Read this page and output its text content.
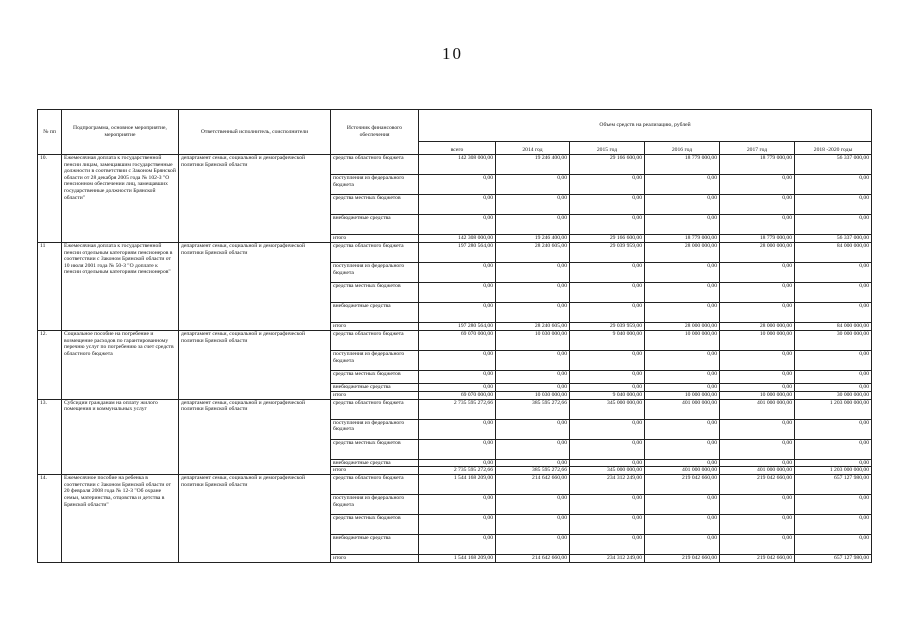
10
№ пп	Подпрограмма, основное мероприятие, мероприятие	Ответственный исполнитель, соисполнители	Источник финансового обеспечения	Объем средств на реализацию, рублей					
				всего	2014 год	2015 год	2016 год	2017 год	2018 -2020 годы
10.	Ежемесячная доплата к государственной пенсии лицам, замещавшим государственные должности в соответствии с Законом Брянской области от 28 декабря 2005 года № 102-З "О пенсионном обеспечении лиц, замещавших государственные должности Брянской области"	департамент семьи, социальной и демографической политики Брянской области	средства областного бюджета	142 308 000,00	19 246 400,00	29 166 600,00	18 779 000,00	18 779 000,00	56 337 000,00
			поступления из федерального бюджета	0,00	0,00	0,00	0,00	0,00	0,00
			средства местных бюджетов	0,00	0,00	0,00	0,00	0,00	0,00
			внебюджетные средства	0,00	0,00	0,00	0,00	0,00	0,00
			итого	142 308 000,00	19 246 400,00	29 166 600,00	18 779 000,00	18 779 000,00	56 337 000,00
11	Ежемесячная доплата к государственной пенсии отдельным категориям пенсионеров в соответствии с Законом Брянской области от 10 июля 2001 года № 50-З "О доплате к пенсии отдельным категориям пенсионеров"	департамент семьи, социальной и демографической политики Брянской области	средства областного бюджета	197 280 564,00	28 240 605,00	29 039 959,00	28 000 000,00	28 000 000,00	84 000 000,00
			поступления из федерального бюджета	0,00	0,00	0,00	0,00	0,00	0,00
			средства местных бюджетов	0,00	0,00	0,00	0,00	0,00	0,00
			внебюджетные средства	0,00	0,00	0,00	0,00	0,00	0,00
			итого	197 280 564,00	28 240 605,00	29 039 959,00	28 000 000,00	28 000 000,00	84 000 000,00
12.	Социальное пособие на погребение и возмещение расходов по гарантированному перечню услуг по погребению за счет средств областного бюджета	департамент семьи, социальной и демографической политики Брянской области	средства областного бюджета	69 070 000,00	10 030 000,00	9 040 000,00	10 000 000,00	10 000 000,00	30 000 000,00
			поступления из федерального бюджета	0,00	0,00	0,00	0,00	0,00	0,00
			средства местных бюджетов	0,00	0,00	0,00	0,00	0,00	0,00
			внебюджетные средства	0,00	0,00	0,00	0,00	0,00	0,00
			итого	69 070 000,00	10 030 000,00	9 040 000,00	10 000 000,00	10 000 000,00	30 000 000,00
13.	Субсидии гражданам на оплату жилого помещения и коммунальных услуг	департамент семьи, социальной и демографической политики Брянской области	средства областного бюджета	2 735 595 272,66	385 595 272,66	345 000 000,00	401 000 000,00	401 000 000,00	1 203 000 000,00
			поступления из федерального бюджета	0,00	0,00	0,00	0,00	0,00	0,00
			средства местных бюджетов	0,00	0,00	0,00	0,00	0,00	0,00
			внебюджетные средства	0,00	0,00	0,00	0,00	0,00	0,00
			итого	2 735 595 272,66	385 595 272,66	345 000 000,00	401 000 000,00	401 000 000,00	1 203 000 000,00
14.	Ежемесячное пособие на ребенка в соответствии с Законом Брянской области от 20 февраля 2008 года № 12-З "Об охране семьи, материнства, отцовства и детства в Брянской области"	департамент семьи, социальной и демографической политики Брянской области	средства областного бюджета	1 544 168 209,00	214 642 660,00	234 312 249,00	219 042 660,00	219 042 660,00	657 127 980,00
			поступления из федерального бюджета	0,00	0,00	0,00	0,00	0,00	0,00
			средства местных бюджетов	0,00	0,00	0,00	0,00	0,00	0,00
			внебюджетные средства	0,00	0,00	0,00	0,00	0,00	0,00
			итого	1 544 168 209,00	214 642 660,00	234 312 249,00	219 042 660,00	219 042 660,00	657 127 980,00
